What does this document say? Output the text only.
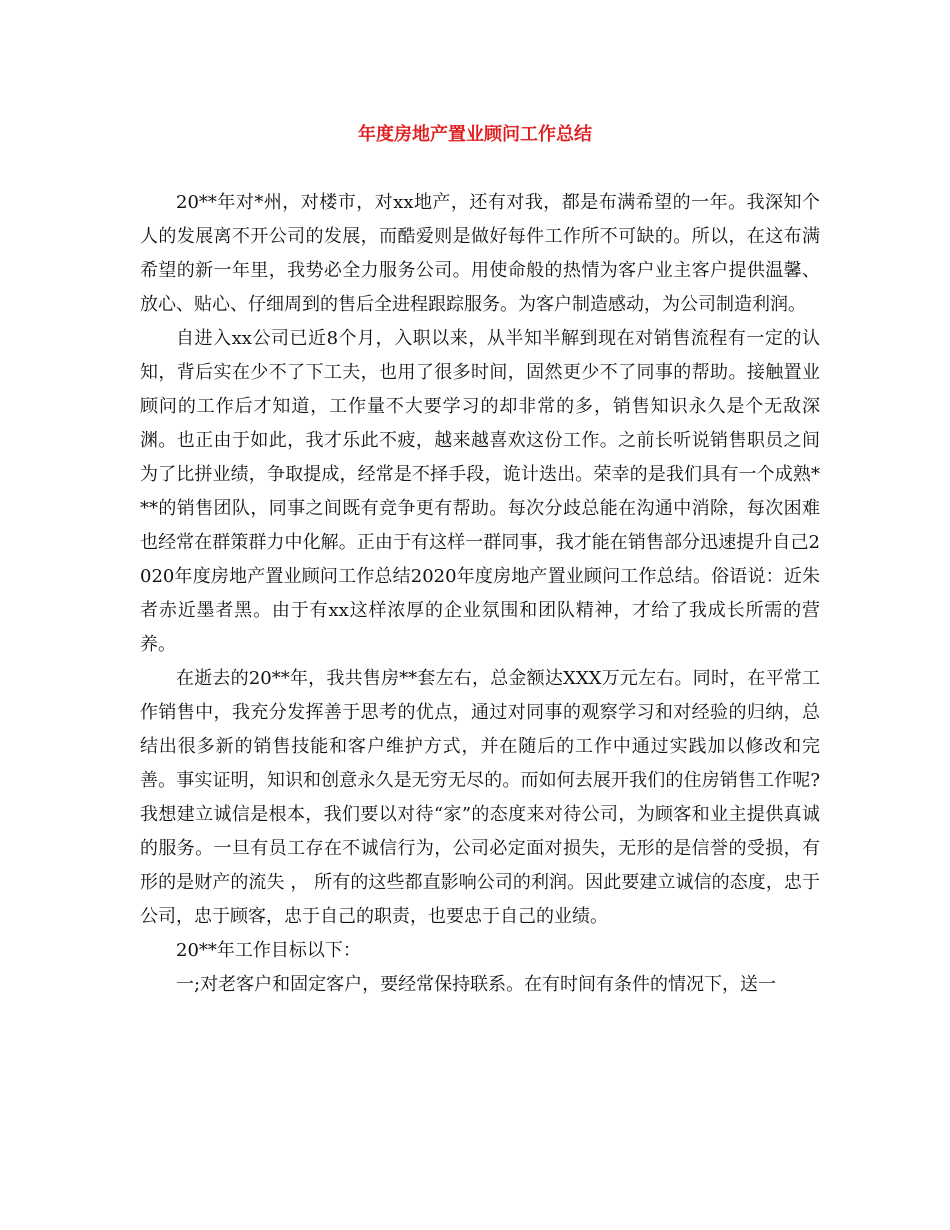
年度房地产置业顾问工作总结

20**年对*州，对楼市，对xx地产，还有对我，都是布满希望的一年。我深知个人的发展离不开公司的发展，而酷爱则是做好每件工作所不可缺的。所以，在这布满希望的新一年里，我势必全力服务公司。用使命般的热情为客户业主客户提供温馨、放心、贴心、仔细周到的售后全进程跟踪服务。为客户制造感动，为公司制造利润。

自进入xx公司已近8个月，入职以来，从半知半解到现在对销售流程有一定的认知，背后实在少不了下工夫，也用了很多时间，固然更少不了同事的帮助。接触置业顾问的工作后才知道，工作量不大要学习的却非常的多，销售知识永久是个无敌深渊。也正由于如此，我才乐此不疲，越来越喜欢这份工作。之前长听说销售职员之间为了比拼业绩，争取提成，经常是不择手段，诡计迭出。荣幸的是我们具有一个成熟***的销售团队，同事之间既有竞争更有帮助。每次分歧总能在沟通中消除，每次困难也经常在群策群力中化解。正由于有这样一群同事，我才能在销售部分迅速提升自己2020年度房地产置业顾问工作总结2020年度房地产置业顾问工作总结。俗语说：近朱者赤近墨者黑。由于有xx这样浓厚的企业氛围和团队精神，才给了我成长所需的营养。

在逝去的20**年，我共售房**套左右，总金额达XXX万元左右。同时，在平常工作销售中，我充分发挥善于思考的优点，通过对同事的观察学习和对经验的归纳，总结出很多新的销售技能和客户维护方式，并在随后的工作中通过实践加以修改和完善。事实证明，知识和创意永久是无穷无尽的。而如何去展开我们的住房销售工作呢?我想建立诚信是根本，我们要以对待“家”的态度来对待公司，为顾客和业主提供真诚的服务。一旦有员工存在不诚信行为，公司必定面对损失，无形的是信誉的受损，有形的是财产的流失 ， 所有的这些都直影响公司的利润。因此要建立诚信的态度，忠于公司，忠于顾客，忠于自己的职责，也要忠于自己的业绩。

20**年工作目标以下：

一;对老客户和固定客户，要经常保持联系。在有时间有条件的情况下，送一
